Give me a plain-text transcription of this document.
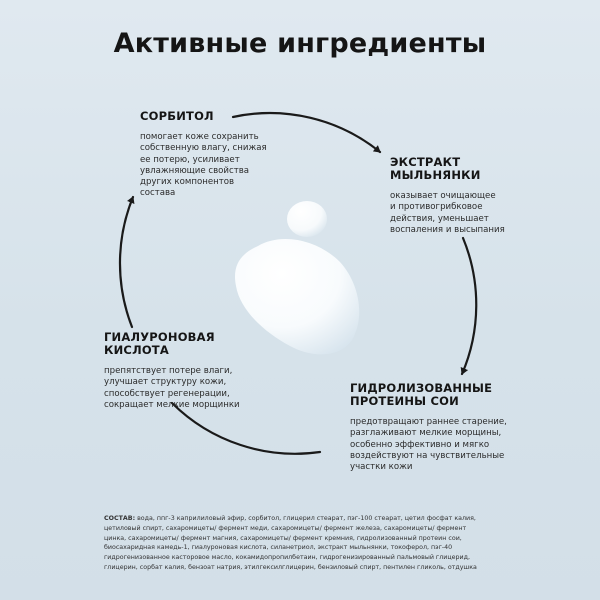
Активные ингредиенты
СОРБИТОЛ
помогает коже сохранить
собственную влагу, снижая
ее потерю, усиливает
увлажняющие свойства
других компонентов
состава
ЭКСТРАКТ
МЫЛЬНЯНКИ
оказывает очищающее
и противогрибковое
действия, уменьшает
воспаления и высыпания
ГИАЛУРОНОВАЯ
КИСЛОТА
препятствует потере влаги,
улучшает структуру кожи,
способствует регенерации,
сокращает мелкие морщинки
ГИДРОЛИЗОВАННЫЕ
ПРОТЕИНЫ СОИ
предотвращают раннее старение,
разглаживают мелкие морщины,
особенно эффективно и мягко
воздействуют на чувствительные
участки кожи
СОСТАВ: вода, ппг-3 каприлиловый эфир, сорбитол, глицерил стеарат, пэг-100 стеарат, цетил фосфат калия,
цетиловый спирт, сахаромицеты/ фермент меди, сахаромицеты/ фермент железа, сахаромицеты/ фермент
цинка, сахаромицеты/ фермент магния, сахаромицеты/ фермент кремния, гидролизованный протеин сои,
биосахаридная камедь-1, гиалуроновая кислота, силанетриол, экстракт мыльнянки, токоферол, пэг-40
гидрогенизованное касторовое масло, кокамидопропилбетаин, гидрогенизированный пальмовый глицерид,
глицерин, сорбат калия, бензоат натрия, этилгексилглицерин, бензиловый спирт, пентилен гликоль, отдушка
